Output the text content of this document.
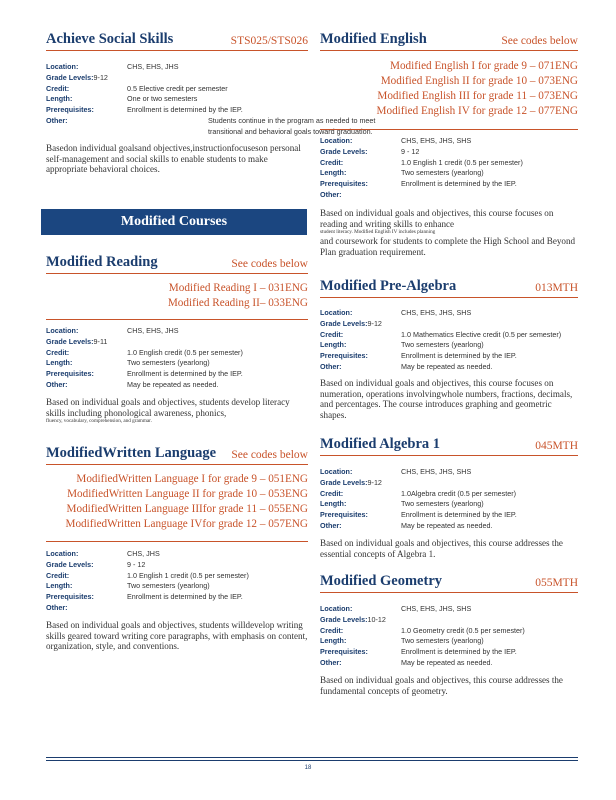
Achieve Social Skills	STS025/STS026
Location:	CHS, EHS, JHS
Grade Levels:9-12
Credit:	0.5 Elective credit per semester
Length:	One or two semesters
Prerequisites:	Enrollment is determined by the IEP.
Other:	Students continue in the program as needed to meet transitional and behavioral goals toward graduation.
Basedon individual goalsand objectives,instructionfocuseson personal self-management and social skills to enable students to make appropriate behavioral choices.
Modified Reading	See codes below
Modified Reading I – 031ENG
Modified Reading II– 033ENG
Location:	CHS, EHS, JHS
Grade Levels:9-11
Credit:	1.0 English credit (0.5 per semester)
Length:	Two semesters (yearlong)
Prerequisites:	Enrollment is determined by the IEP.
Other:	May be repeated as needed.
Based on individual goals and objectives, students develop literacy skills including phonological awareness, phonics,
fluency, vocabulary, comprehension, and grammar.
ModifiedWritten Language See codes below
ModifiedWritten Language I for grade 9 – 051ENG
ModifiedWritten Language II for grade 10 – 053ENG
ModifiedWritten Language IIIfor grade 11 – 055ENG
ModifiedWritten Language IVfor grade 12 – 057ENG
Location:	CHS, JHS
Grade Levels:	9 - 12
Credit:	1.0 English 1 credit (0.5 per semester)
Length:	Two semesters (yearlong)
Prerequisites:	Enrollment is determined by the IEP.
Other:
Based on individual goals and objectives, students willdevelop writing skills geared toward writing core paragraphs, with emphasis on content, organization, style, and conventions.
Modified Courses
Modified English	See codes below
Modified English I for grade 9 – 071ENG
Modified English II for grade 10 – 073ENG
Modified English III for grade 11 – 073ENG
Modified English IV for grade 12 – 077ENG
Location:	CHS, EHS, JHS, SHS
Grade Levels:	9 - 12
Credit:	1.0 English 1 credit (0.5 per semester)
Length:	Two semesters (yearlong)
Prerequisites:	Enrollment is determined by the IEP.
Other:
Based on individual goals and objectives, this course focuses on reading and writing skills to enhance
student literacy. Modified English IV includes planning
and coursework for students to complete the High School and Beyond Plan graduation requirement.
Modified Pre-Algebra	013MTH
Location:	CHS, EHS, JHS, SHS
Grade Levels:9-12
Credit:	1.0 Mathematics Elective credit (0.5 per semester)
Length:	Two semesters (yearlong)
Prerequisites:	Enrollment is determined by the IEP.
Other:	May be repeated as needed.
Based on individual goals and objectives, this course focuses on numeration, operations involvingwhole numbers, fractions, decimals, and percentages. The course introduces graphing and geometric shapes.
Modified Algebra 1	045MTH
Location:	CHS, EHS, JHS, SHS
Grade Levels:9-12
Credit:	1.0Algebra credit (0.5 per semester)
Length:	Two semesters (yearlong)
Prerequisites:	Enrollment is determined by the IEP.
Other:	May be repeated as needed.
Based on individual goals and objectives, this course addresses the essential concepts of Algebra 1.
Modified Geometry	055MTH
Location:	CHS, EHS, JHS, SHS
Grade Levels:10-12
Credit:	1.0 Geometry credit (0.5 per semester)
Length:	Two semesters (yearlong)
Prerequisites:	Enrollment is determined by the IEP.
Other:	May be repeated as needed.
Based on individual goals and objectives, this course addresses the fundamental concepts of geometry.
18
